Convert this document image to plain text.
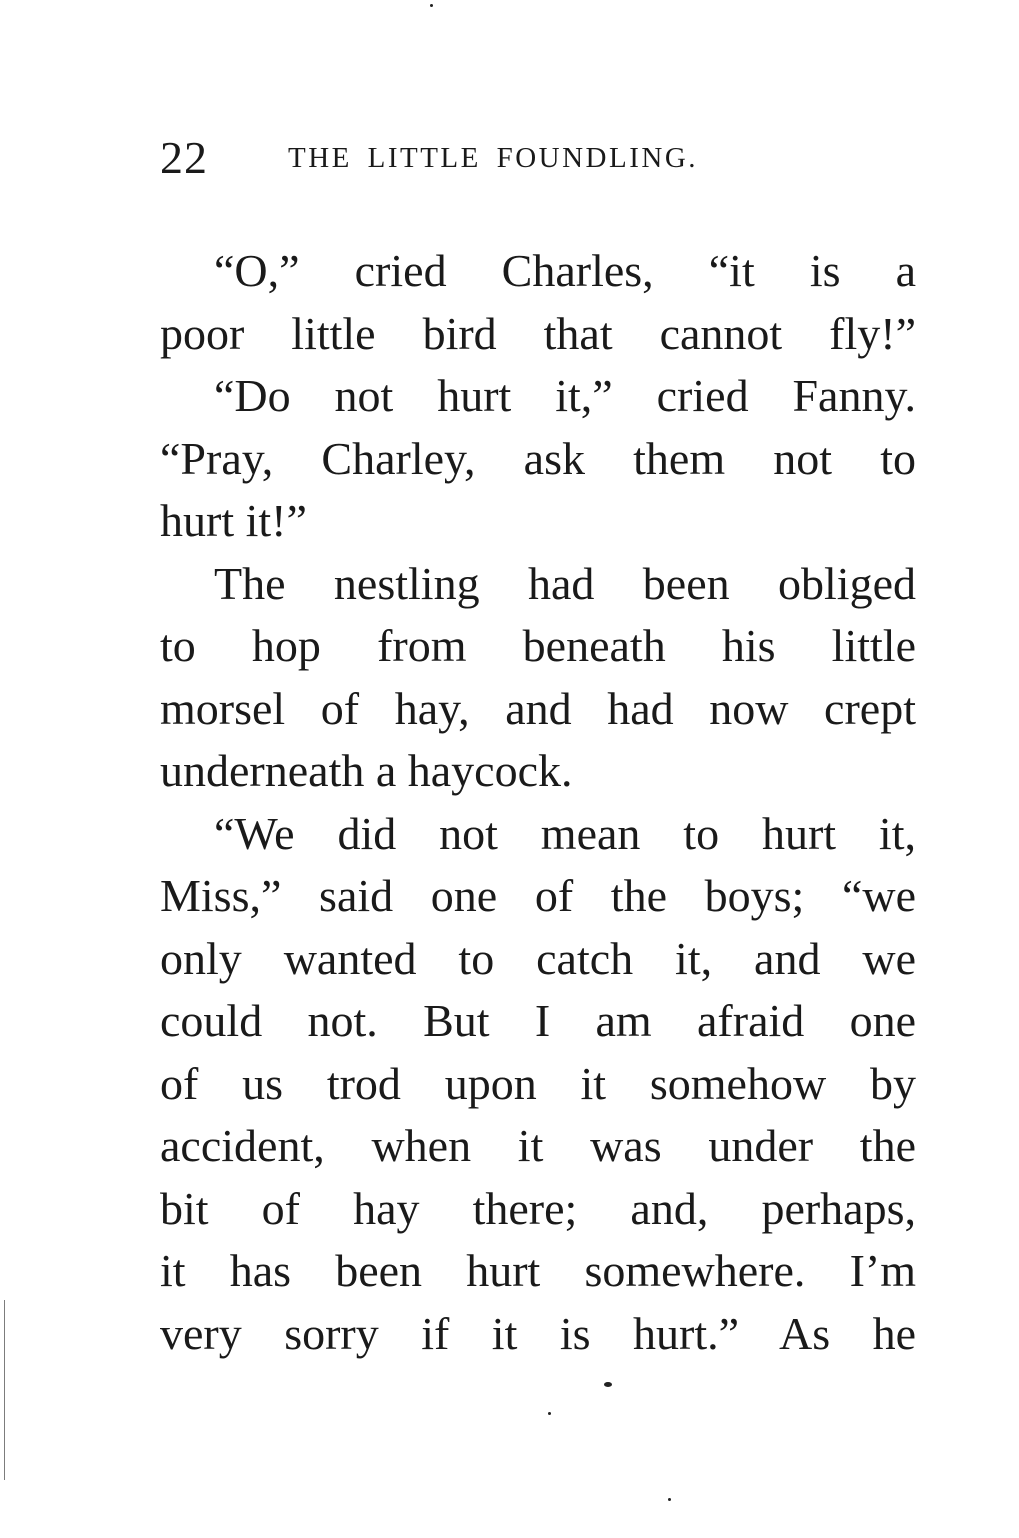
22	THE LITTLE FOUNDLING.
“O,” cried Charles, “it is a
poor little bird that cannot fly!”
“Do not hurt it,” cried Fanny.
“Pray, Charley, ask them not to
hurt it!”
The nestling had been obliged
to hop from beneath his little
morsel of hay, and had now crept
underneath a haycock.
“We did not mean to hurt it,
Miss,” said one of the boys; “we
only wanted to catch it, and we
could not. But I am afraid one
of us trod upon it somehow by
accident, when it was under the
bit of hay there; and, perhaps,
it has been hurt somewhere. I’m
very sorry if it is hurt.” As he
